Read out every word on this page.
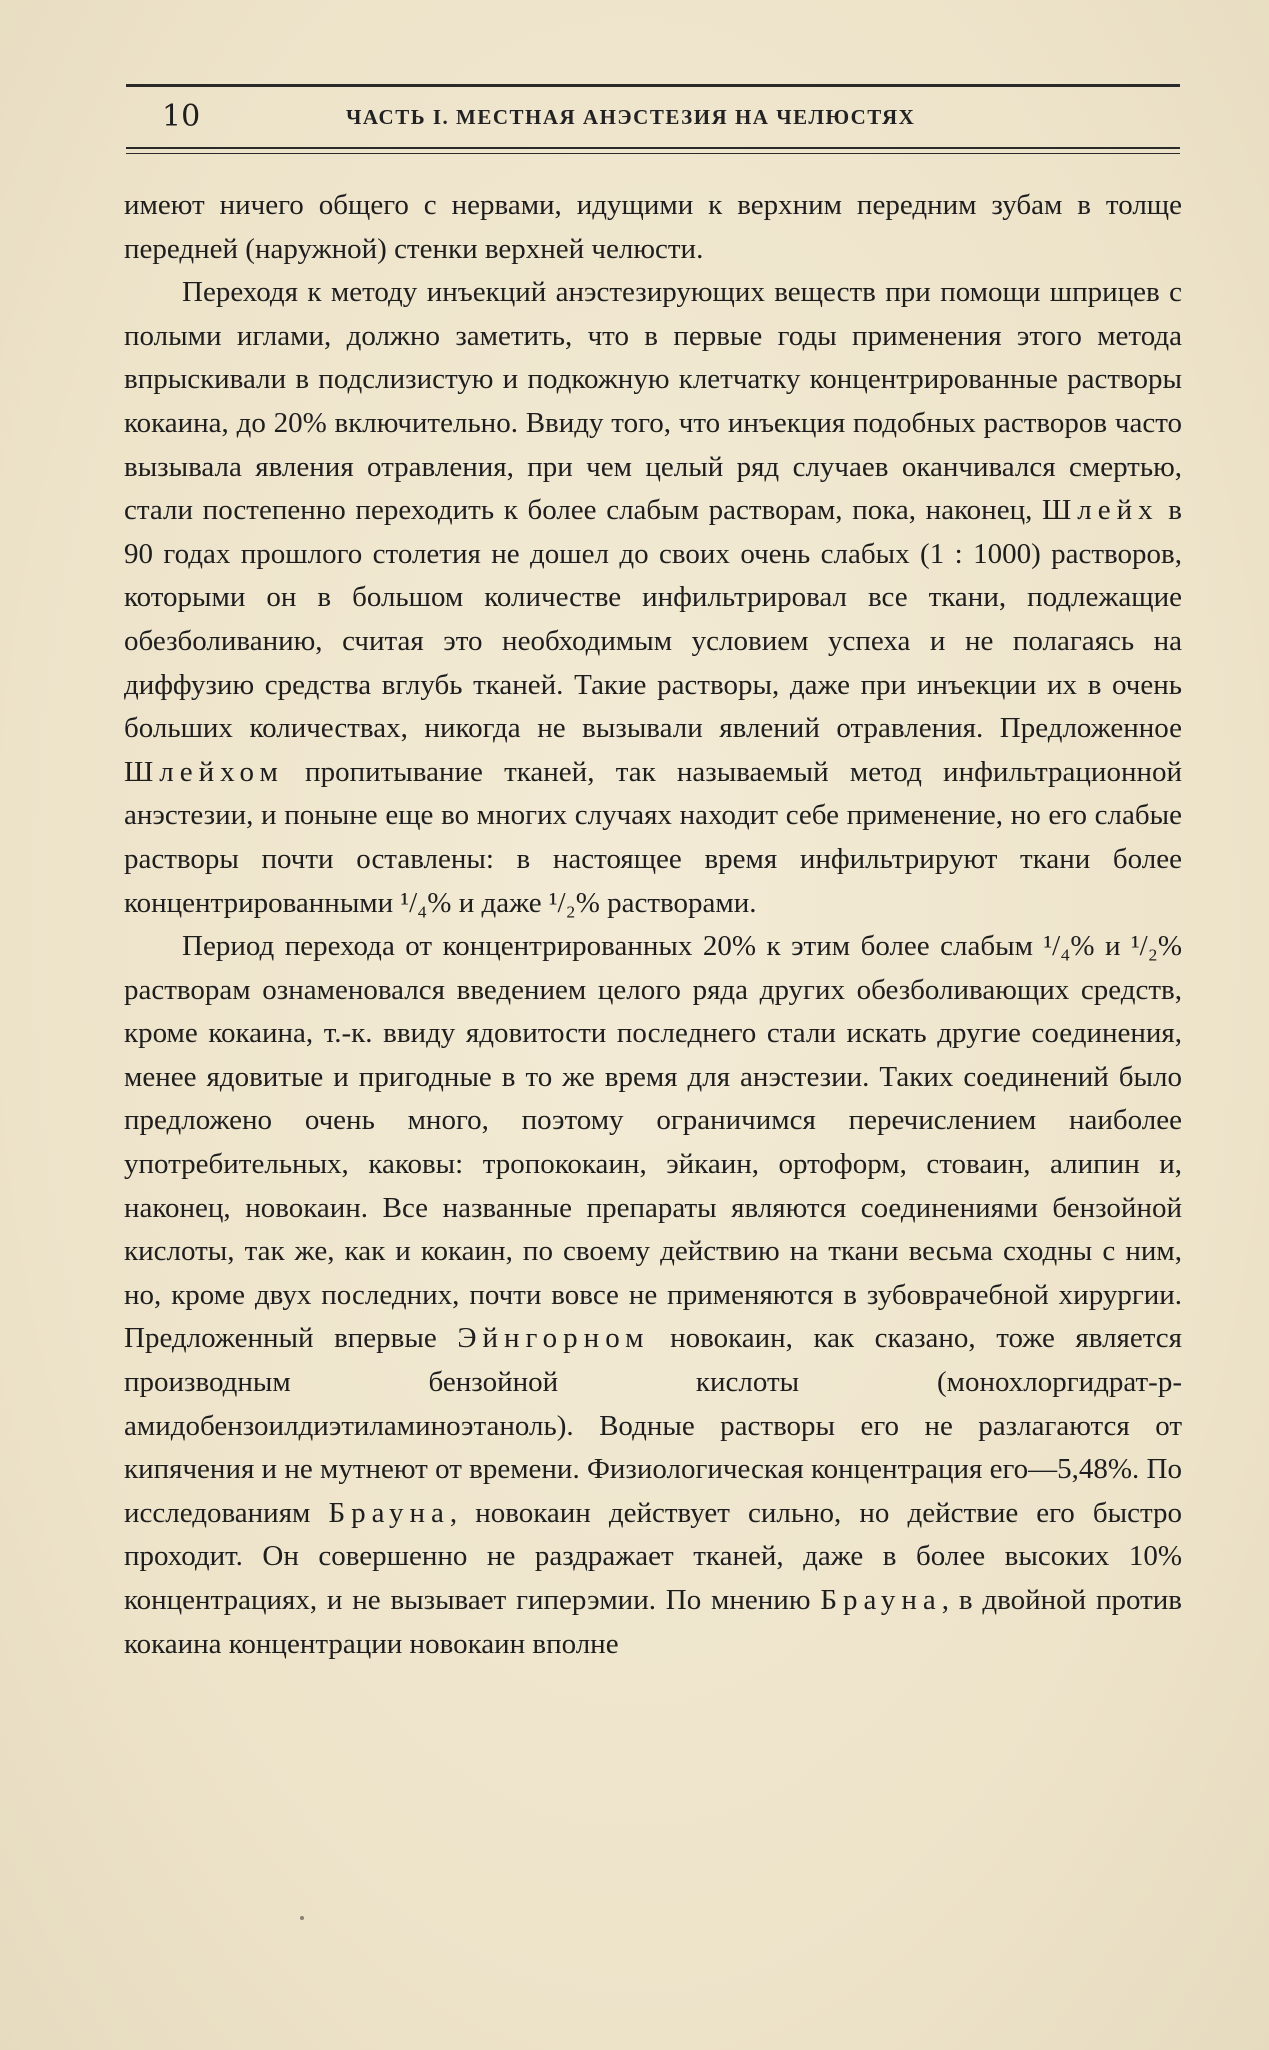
10	ЧАСТЬ I. МЕСТНАЯ АНЭСТЕЗИЯ НА ЧЕЛЮСТЯХ

имеют ничего общего с нервами, идущими к верхним передним зубам в толще передней (наружной) стенки верхней челюсти.

Переходя к методу инъекций анэстезирующих веществ при помощи шприцев с полыми иглами, должно заметить, что в первые годы применения этого метода впрыскивали в подслизистую и подкожную клетчатку концентрированные растворы кокаина, до 20% включительно. Ввиду того, что инъекция подобных растворов часто вызывала явления отравления, при чем целый ряд случаев оканчивался смертью, стали постепенно переходить к более слабым растворам, пока, наконец, Шлейх в 90 годах прошлого столетия не дошел до своих очень слабых (1 : 1000) растворов, которыми он в большом количестве инфильтрировал все ткани, подлежащие обезболиванию, считая это необходимым условием успеха и не полагаясь на диффузию средства вглубь тканей. Такие растворы, даже при инъекции их в очень больших количествах, никогда не вызывали явлений отравления. Предложенное Шлейхом пропитывание тканей, так называемый метод инфильтрационной анэстезии, и поныне еще во многих случаях находит себе применение, но его слабые растворы почти оставлены: в настоящее время инфильтрируют ткани более концентрированными ¹/₄% и даже ¹/₂% растворами.

Период перехода от концентрированных 20% к этим более слабым ¹/₄% и ¹/₂% растворам ознаменовался введением целого ряда других обезболивающих средств, кроме кокаина, т.-к. ввиду ядовитости последнего стали искать другие соединения, менее ядовитые и пригодные в то же время для анэстезии. Таких соединений было предложено очень много, поэтому ограничимся перечислением наиболее употребительных, каковы: тропококаин, эйкаин, ортоформ, стоваин, алипин и, наконец, новокаин. Все названные препараты являются соединениями бензойной кислоты, так же, как и кокаин, по своему действию на ткани весьма сходны с ним, но, кроме двух последних, почти вовсе не применяются в зубоврачебной хирургии. Предложенный впервые Эйнгорном новокаин, как сказано, тоже является производным бензойной кислоты (монохлоргидрат-р-амидобензоилдиэтиламиноэтаноль). Водные растворы его не разлагаются от кипячения и не мутнеют от времени. Физиологическая концентрация его—5,48%. По исследованиям Брауна, новокаин действует сильно, но действие его быстро проходит. Он совершенно не раздражает тканей, даже в более высоких 10% концентрациях, и не вызывает гиперэмии. По мнению Брауна, в двойной против кокаина концентрации новокаин вполне
